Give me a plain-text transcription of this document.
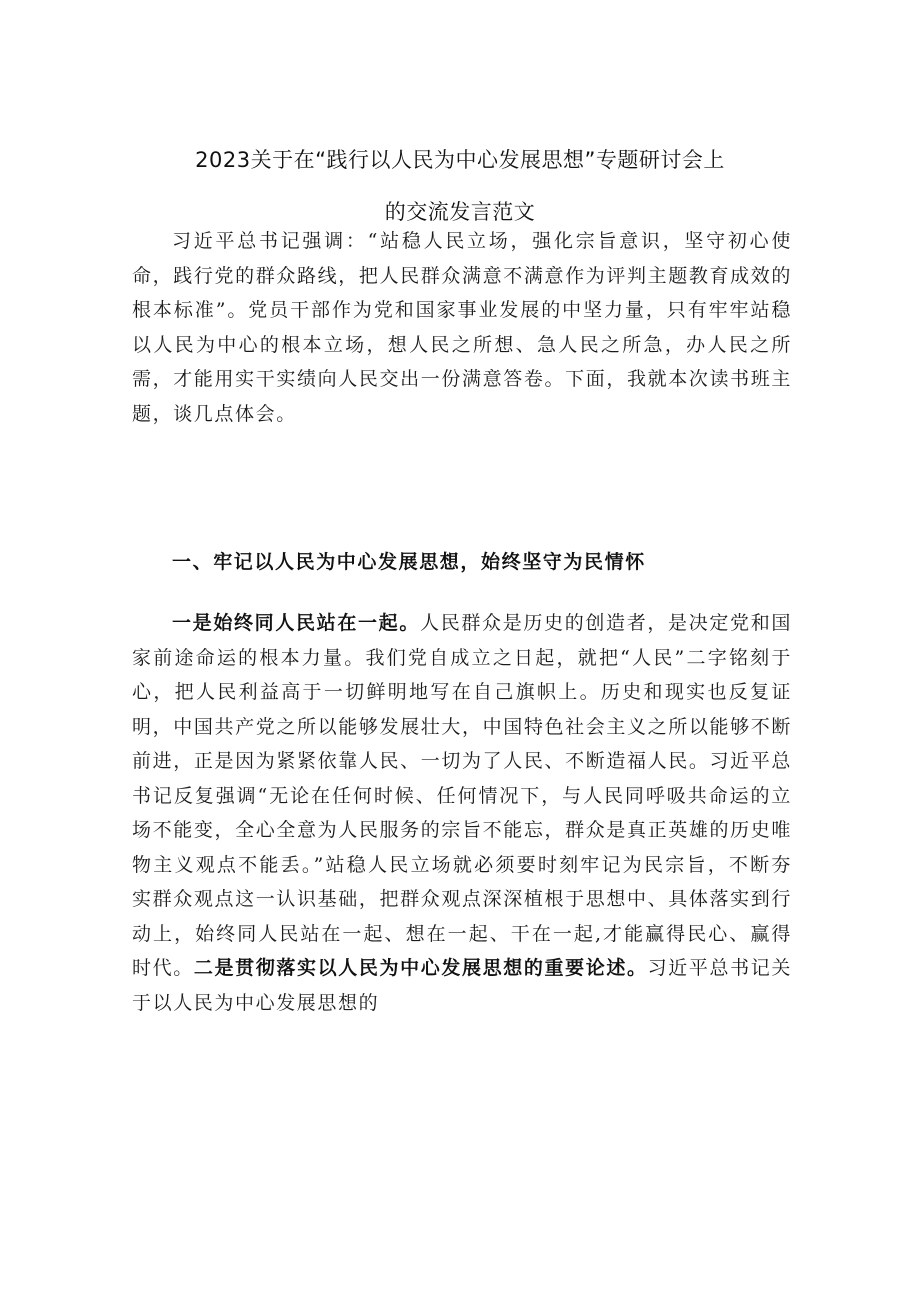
2023关于在“践行以人民为中心发展思想”专题研讨会上
的交流发言范文

习近平总书记强调：“站稳人民立场，强化宗旨意识，坚守初心使命，践行党的群众路线，把人民群众满意不满意作为评判主题教育成效的根本标准”。党员干部作为党和国家事业发展的中坚力量，只有牢牢站稳以人民为中心的根本立场，想人民之所想、急人民之所急，办人民之所需，才能用实干实绩向人民交出一份满意答卷。下面，我就本次读书班主题，谈几点体会。

一、牢记以人民为中心发展思想，始终坚守为民情怀

一是始终同人民站在一起。人民群众是历史的创造者，是决定党和国家前途命运的根本力量。我们党自成立之日起，就把“人民”二字铭刻于心，把人民利益高于一切鲜明地写在自己旗帜上。历史和现实也反复证明，中国共产党之所以能够发展壮大，中国特色社会主义之所以能够不断前进，正是因为紧紧依靠人民、一切为了人民、不断造福人民。习近平总书记反复强调“无论在任何时候、任何情况下，与人民同呼吸共命运的立场不能变，全心全意为人民服务的宗旨不能忘，群众是真正英雄的历史唯物主义观点不能丢。”站稳人民立场就必须要时刻牢记为民宗旨，不断夯实群众观点这一认识基础，把群众观点深深植根于思想中、具体落实到行动上，始终同人民站在一起、想在一起、干在一起,才能赢得民心、赢得时代。二是贯彻落实以人民为中心发展思想的重要论述。习近平总书记关于以人民为中心发展思想的
